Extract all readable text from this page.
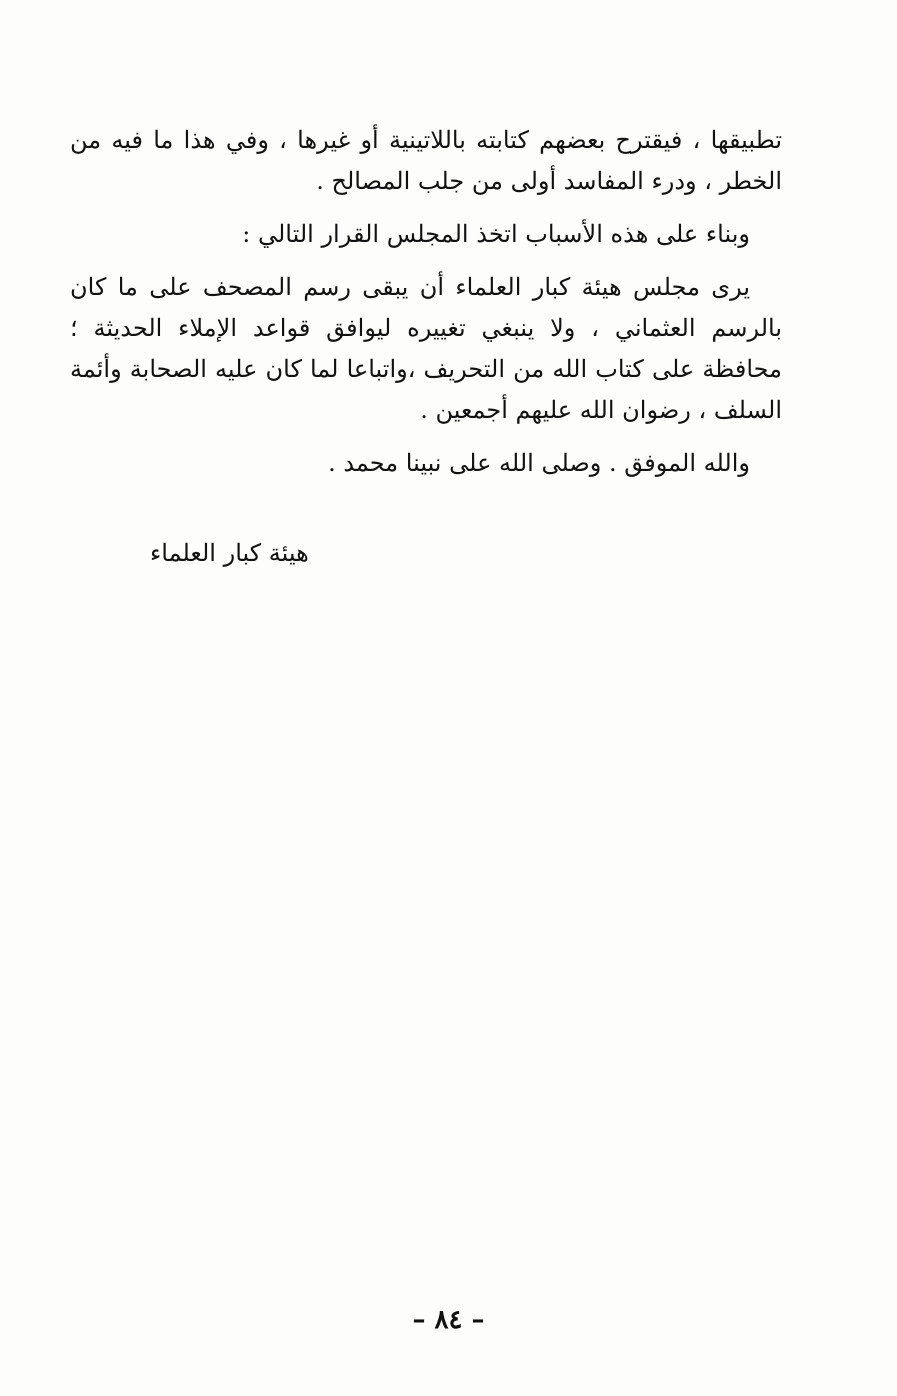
تطبيقها ، فيقترح بعضهم كتابته باللاتينية أو غيرها ، وفي هذا ما فيه من الخطر ، ودرء المفاسد أولى من جلب المصالح .

وبناء على هذه الأسباب اتخذ المجلس القرار التالي :

يرى مجلس هيئة كبار العلماء أن يبقى رسم المصحف على ما كان بالرسم العثماني ، ولا ينبغي تغييره ليوافق قواعد الإملاء الحديثة ؛ محافظة على كتاب الله من التحريف ،واتباعا لما كان عليه الصحابة وأئمة السلف ، رضوان الله عليهم أجمعين .

والله الموفق . وصلى الله على نبينا محمد .

هيئة كبار العلماء
– ٨٤ –
